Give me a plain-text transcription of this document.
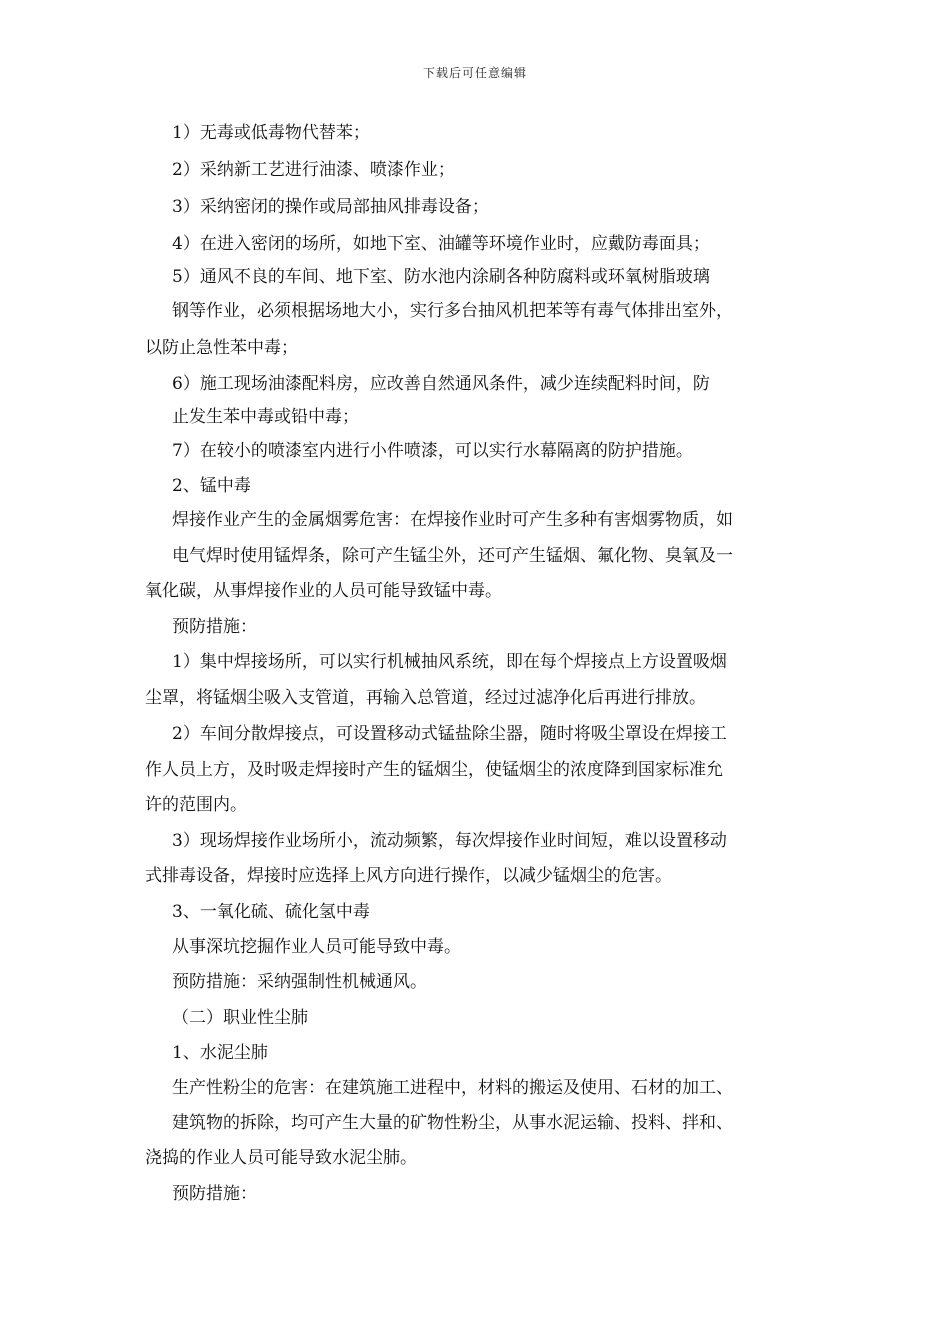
下载后可任意编辑
1）无毒或低毒物代替苯；
2）采纳新工艺进行油漆、喷漆作业；
3）采纳密闭的操作或局部抽风排毒设备；
4）在进入密闭的场所，如地下室、油罐等环境作业时，应戴防毒面具；
5）通风不良的车间、地下室、防水池内涂刷各种防腐料或环氧树脂玻璃
钢等作业，必须根据场地大小，实行多台抽风机把苯等有毒气体排出室外，
以防止急性苯中毒；
6）施工现场油漆配料房，应改善自然通风条件，减少连续配料时间，防
止发生苯中毒或铅中毒；
7）在较小的喷漆室内进行小件喷漆，可以实行水幕隔离的防护措施。
2、锰中毒
焊接作业产生的金属烟雾危害：在焊接作业时可产生多种有害烟雾物质，如
电气焊时使用锰焊条，除可产生锰尘外，还可产生锰烟、氟化物、臭氧及一
氧化碳，从事焊接作业的人员可能导致锰中毒。
预防措施：
1）集中焊接场所，可以实行机械抽风系统，即在每个焊接点上方设置吸烟
尘罩，将锰烟尘吸入支管道，再输入总管道，经过过滤净化后再进行排放。
2）车间分散焊接点，可设置移动式锰盐除尘器，随时将吸尘罩设在焊接工
作人员上方，及时吸走焊接时产生的锰烟尘，使锰烟尘的浓度降到国家标准允
许的范围内。
3）现场焊接作业场所小，流动频繁，每次焊接作业时间短，难以设置移动
式排毒设备，焊接时应选择上风方向进行操作，以减少锰烟尘的危害。
3、一氧化硫、硫化氢中毒
从事深坑挖掘作业人员可能导致中毒。
预防措施：采纳强制性机械通风。
（二）职业性尘肺
1、水泥尘肺
生产性粉尘的危害：在建筑施工进程中，材料的搬运及使用、石材的加工、
建筑物的拆除，均可产生大量的矿物性粉尘，从事水泥运输、投料、拌和、
浇捣的作业人员可能导致水泥尘肺。
预防措施：
